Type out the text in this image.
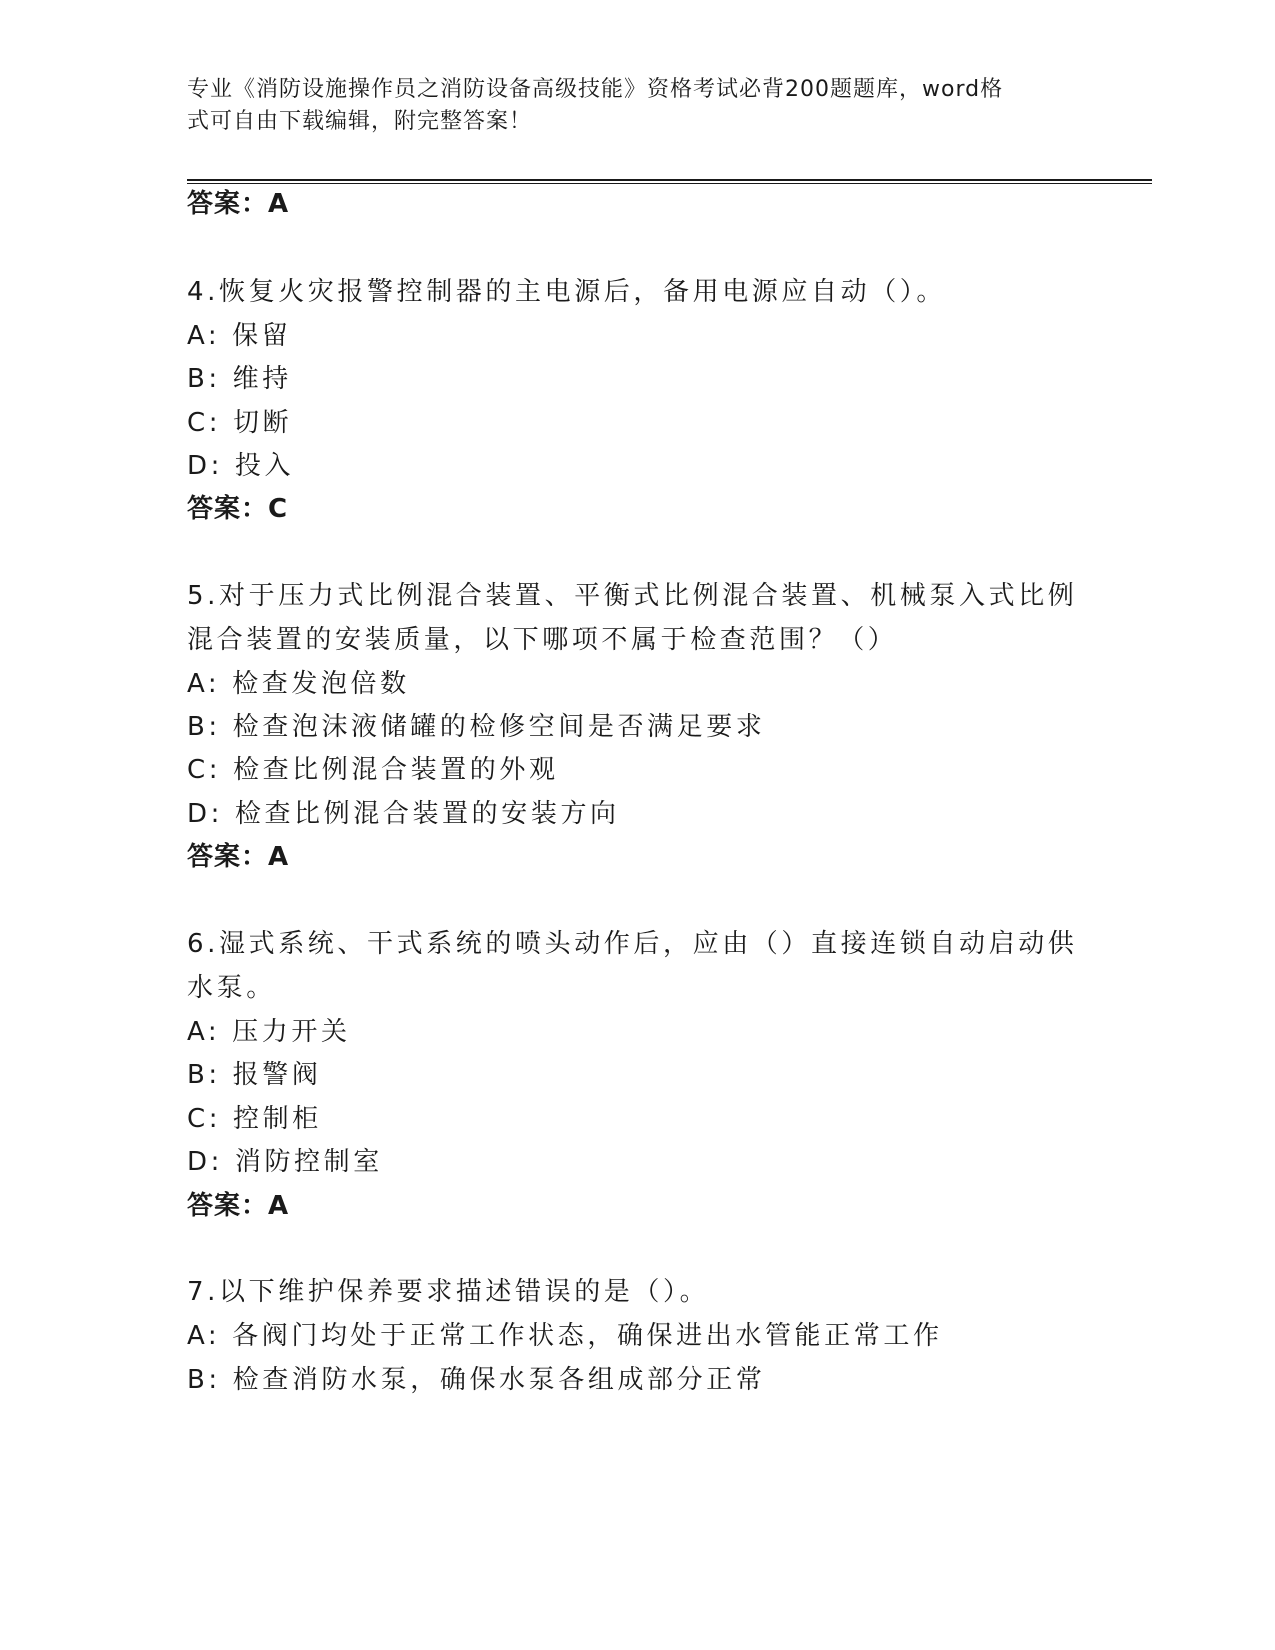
专业《消防设施操作员之消防设备高级技能》资格考试必背200题题库，word格
式可自由下载编辑，附完整答案！
答案：A
4.恢复火灾报警控制器的主电源后，备用电源应自动（）。
A: 保留
B: 维持
C: 切断
D: 投入
答案：C
5.对于压力式比例混合装置、平衡式比例混合装置、机械泵入式比例
混合装置的安装质量，以下哪项不属于检查范围？（）
A: 检查发泡倍数
B: 检查泡沫液储罐的检修空间是否满足要求
C: 检查比例混合装置的外观
D: 检查比例混合装置的安装方向
答案：A
6.湿式系统、干式系统的喷头动作后，应由（）直接连锁自动启动供
水泵。
A: 压力开关
B: 报警阀
C: 控制柜
D: 消防控制室
答案：A
7.以下维护保养要求描述错误的是（）。
A: 各阀门均处于正常工作状态，确保进出水管能正常工作
B: 检查消防水泵，确保水泵各组成部分正常
